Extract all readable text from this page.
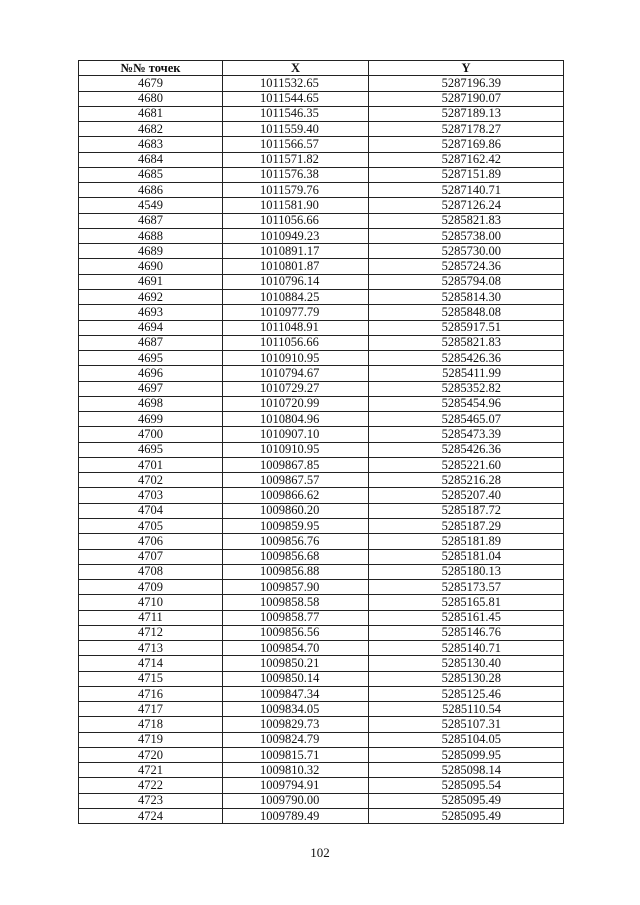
№№ точек	X	Y
4679	1011532.65	5287196.39
4680	1011544.65	5287190.07
4681	1011546.35	5287189.13
4682	1011559.40	5287178.27
4683	1011566.57	5287169.86
4684	1011571.82	5287162.42
4685	1011576.38	5287151.89
4686	1011579.76	5287140.71
4549	1011581.90	5287126.24
4687	1011056.66	5285821.83
4688	1010949.23	5285738.00
4689	1010891.17	5285730.00
4690	1010801.87	5285724.36
4691	1010796.14	5285794.08
4692	1010884.25	5285814.30
4693	1010977.79	5285848.08
4694	1011048.91	5285917.51
4687	1011056.66	5285821.83
4695	1010910.95	5285426.36
4696	1010794.67	5285411.99
4697	1010729.27	5285352.82
4698	1010720.99	5285454.96
4699	1010804.96	5285465.07
4700	1010907.10	5285473.39
4695	1010910.95	5285426.36
4701	1009867.85	5285221.60
4702	1009867.57	5285216.28
4703	1009866.62	5285207.40
4704	1009860.20	5285187.72
4705	1009859.95	5285187.29
4706	1009856.76	5285181.89
4707	1009856.68	5285181.04
4708	1009856.88	5285180.13
4709	1009857.90	5285173.57
4710	1009858.58	5285165.81
4711	1009858.77	5285161.45
4712	1009856.56	5285146.76
4713	1009854.70	5285140.71
4714	1009850.21	5285130.40
4715	1009850.14	5285130.28
4716	1009847.34	5285125.46
4717	1009834.05	5285110.54
4718	1009829.73	5285107.31
4719	1009824.79	5285104.05
4720	1009815.71	5285099.95
4721	1009810.32	5285098.14
4722	1009794.91	5285095.54
4723	1009790.00	5285095.49
4724	1009789.49	5285095.49
102
